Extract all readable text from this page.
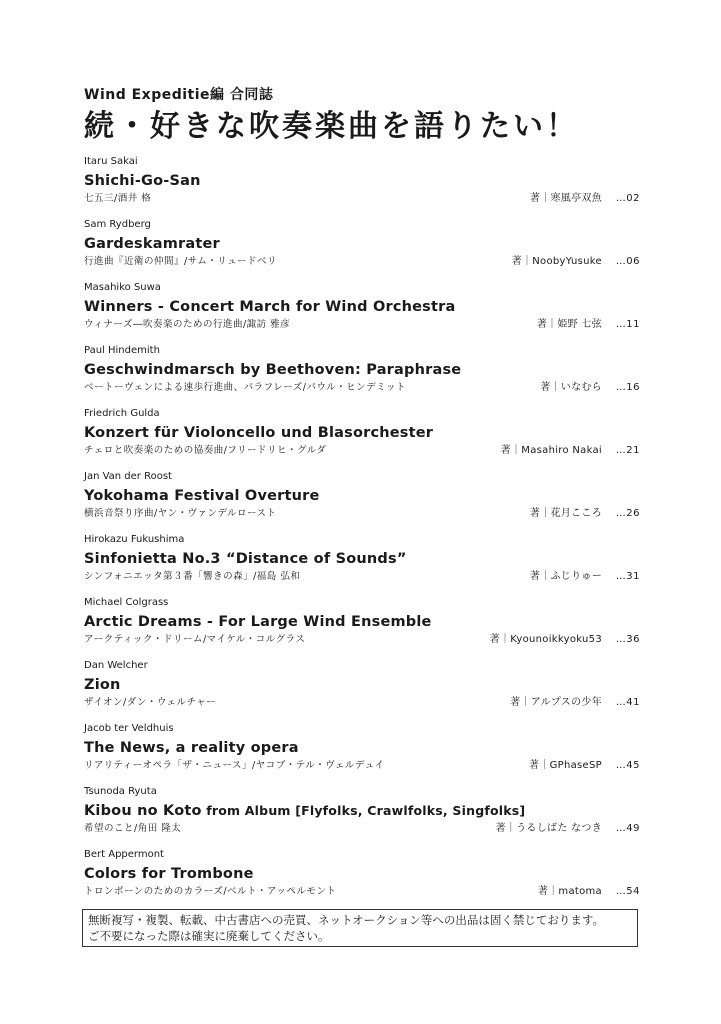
Wind Expeditie編 合同誌
続・好きな吹奏楽曲を語りたい！
Itaru Sakai
Shichi-Go-San
七五三/酒井 格	著｜寒風亭双魚 …02
Sam Rydberg
Gardeskamrater
行進曲『近衛の仲間』/サム・リュードベリ	著｜NoobyYusuke …06
Masahiko Suwa
Winners - Concert March for Wind Orchestra
ウィナーズ―吹奏楽のための行進曲/諏訪 雅彦	著｜姫野 七弦 …11
Paul Hindemith
Geschwindmarsch by Beethoven: Paraphrase
ベートーヴェンによる速歩行進曲、パラフレーズ/パウル・ヒンデミット	著｜いなむら …16
Friedrich Gulda
Konzert für Violoncello und Blasorchester
チェロと吹奏楽のための協奏曲/フリードリヒ・グルダ	著｜Masahiro Nakai …21
Jan Van der Roost
Yokohama Festival Overture
横浜音祭り序曲/ヤン・ヴァンデルロースト	著｜花月こころ …26
Hirokazu Fukushima
Sinfonietta No.3 “Distance of Sounds”
シンフォニエッタ第３番「響きの森」/福島 弘和	著｜ふじりゅー …31
Michael Colgrass
Arctic Dreams - For Large Wind Ensemble
アークティック・ドリーム/マイケル・コルグラス	著｜Kyounoikkyoku53 …36
Dan Welcher
Zion
ザイオン/ダン・ウェルチャー	著｜アルプスの少年 …41
Jacob ter Veldhuis
The News, a reality opera
リアリティーオペラ「ザ・ニュース」/ヤコブ・テル・ヴェルデュイ	著｜GPhaseSP …45
Tsunoda Ryuta
Kibou no Koto from Album [Flyfolks, Crawlfolks, Singfolks]
希望のこと/角田 隆太	著｜うるしばた なつき …49
Bert Appermont
Colors for Trombone
トロンボーンのためのカラーズ/ベルト・アッペルモント	著｜matoma …54
無断複写・複製、転載、中古書店への売買、ネットオークション等への出品は固く禁じております。
ご不要になった際は確実に廃棄してください。
